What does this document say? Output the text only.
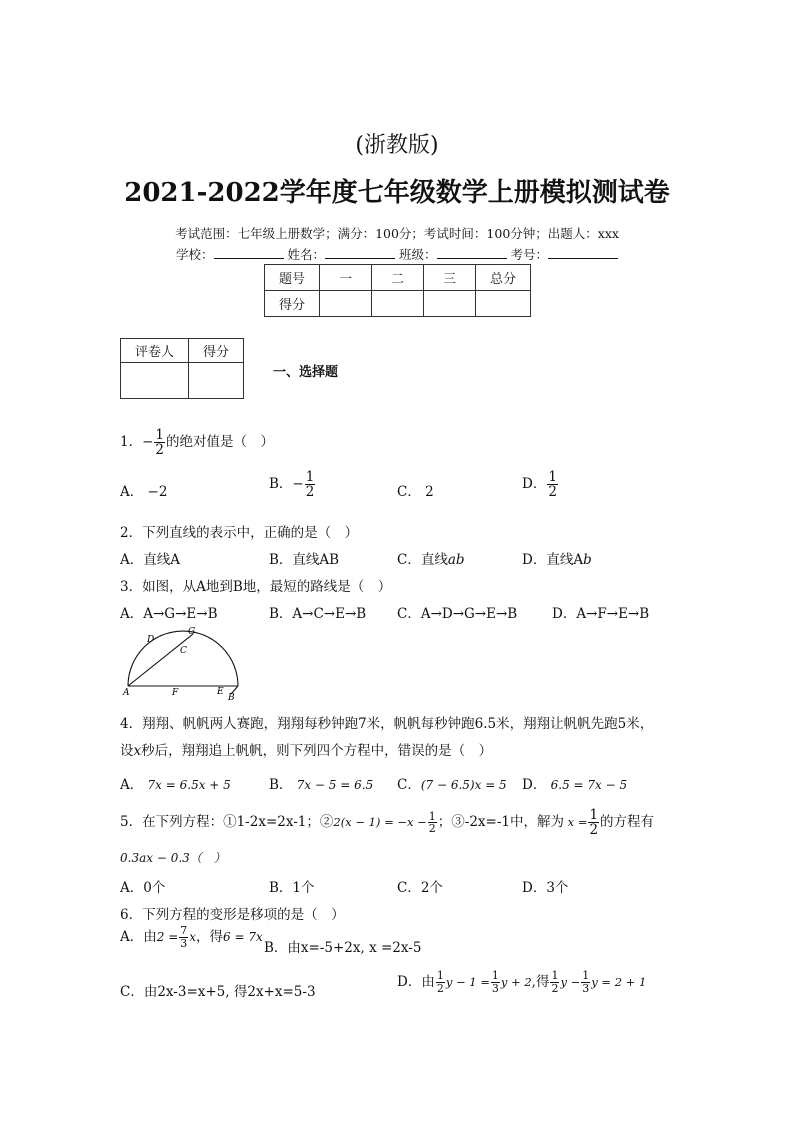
(浙教版)
2021-2022学年度七年级数学上册模拟测试卷
考试范围：七年级上册数学；满分：100分；考试时间：100分钟；出题人：xxx
学校：	姓名：	班级：	考号：
题号	一	二	三	总分
得分				
评卷人	得分

一、选择题
1．− $\frac{1}{2}$ 的绝对值是（　）
A． −2	B．− $\frac{1}{2}$	C． 2	D． $\frac{1}{2}$
2．下列直线的表示中，正确的是（　）
A．直线A	B．直线AB	C．直线ab	D．直线Ab
3．如图，从A地到B地，最短的路线是（　）
A．A→G→E→B	B．A→C→E→B C．A→D→G→E→B	D．A→F→E→B
D
G
C
A	F	E
B
4．翔翔、帆帆两人赛跑，翔翔每秒钟跑7米，帆帆每秒钟跑6.5米，翔翔让帆帆先跑5米，
设x秒后，翔翔追上帆帆，则下列四个方程中，错误的是（　）
A． 7x = 6.5x + 5	B． 7x − 5 = 6.5 C．(7 − 6.5)x = 5 D． 6.5 = 7x − 5
5．在下列方程：①1-2x=2x-1；②2(x − $1) = -x - \frac{1}{2}$ ；③-2x=-1中，解为 $x = \frac{1}{2}$ 的方程有
0.3ax − 0.3（　）
A．0个	B．1个	C．2个	D．3个
6．下列方程的变形是移项的是（　）
A．由$2 = \frac{7}{3}$ x，得6 = 7x
B．由x=-5+2x, x =2x-5
C．由2x-3=x+5, 得2x+x=5-3
D．由 $\frac{1}{2}$ $y - 1 = \frac{1}{3}$ y + 2,得 $\frac{1}{2}$ $y - \frac{1}{3}$ y = 2 + 1
